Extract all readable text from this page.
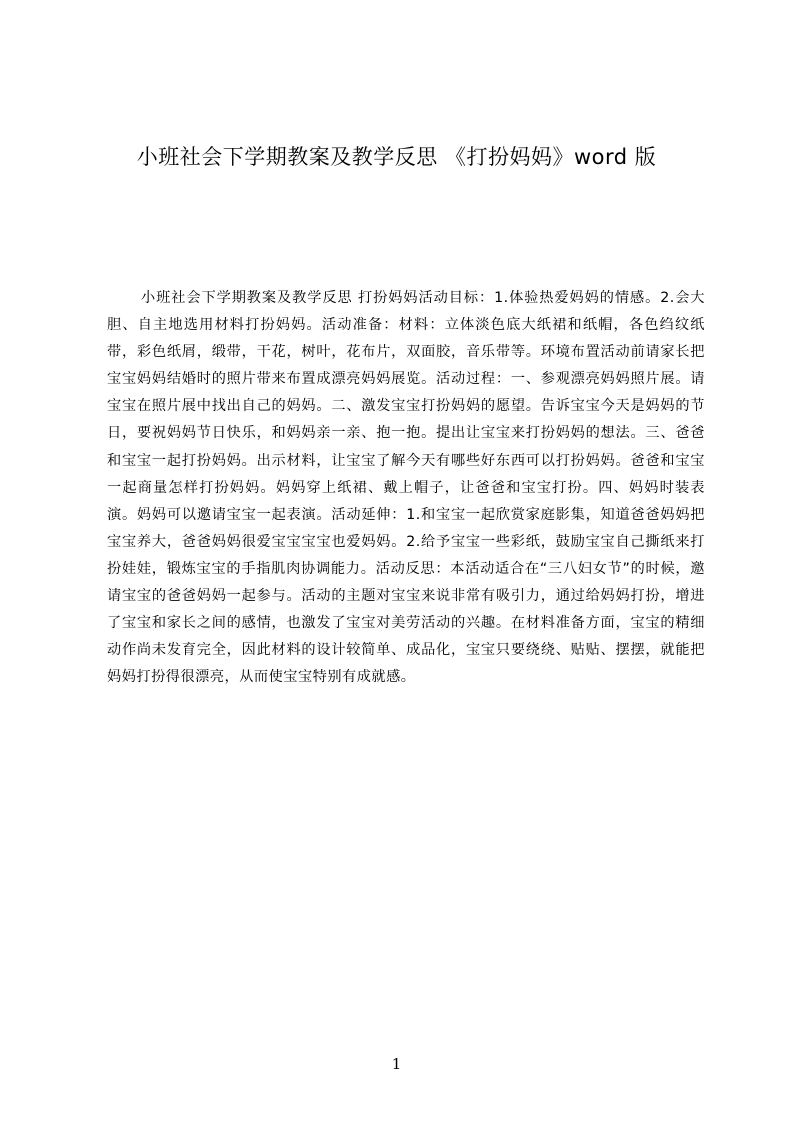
小班社会下学期教案及教学反思 《打扮妈妈》word 版

小班社会下学期教案及教学反思 打扮妈妈活动目标：1.体验热爱妈妈的情感。2.会大胆、自主地选用材料打扮妈妈。活动准备：材料：立体淡色底大纸裙和纸帽，各色绉纹纸带，彩色纸屑，缎带，干花，树叶，花布片，双面胶，音乐带等。环境布置活动前请家长把宝宝妈妈结婚时的照片带来布置成漂亮妈妈展览。活动过程：一、参观漂亮妈妈照片展。请宝宝在照片展中找出自己的妈妈。二、激发宝宝打扮妈妈的愿望。告诉宝宝今天是妈妈的节日，要祝妈妈节日快乐，和妈妈亲一亲、抱一抱。提出让宝宝来打扮妈妈的想法。三、爸爸和宝宝一起打扮妈妈。出示材料，让宝宝了解今天有哪些好东西可以打扮妈妈。爸爸和宝宝一起商量怎样打扮妈妈。妈妈穿上纸裙、戴上帽子，让爸爸和宝宝打扮。四、妈妈时装表演。妈妈可以邀请宝宝一起表演。活动延伸：1.和宝宝一起欣赏家庭影集，知道爸爸妈妈把宝宝养大，爸爸妈妈很爱宝宝宝宝也爱妈妈。2.给予宝宝一些彩纸，鼓励宝宝自己撕纸来打扮娃娃，锻炼宝宝的手指肌肉协调能力。活动反思：本活动适合在“三八妇女节”的时候，邀请宝宝的爸爸妈妈一起参与。活动的主题对宝宝来说非常有吸引力，通过给妈妈打扮，增进了宝宝和家长之间的感情，也激发了宝宝对美劳活动的兴趣。在材料准备方面，宝宝的精细动作尚未发育完全，因此材料的设计较简单、成品化，宝宝只要绕绕、贴贴、摆摆，就能把妈妈打扮得很漂亮，从而使宝宝特别有成就感。

1
